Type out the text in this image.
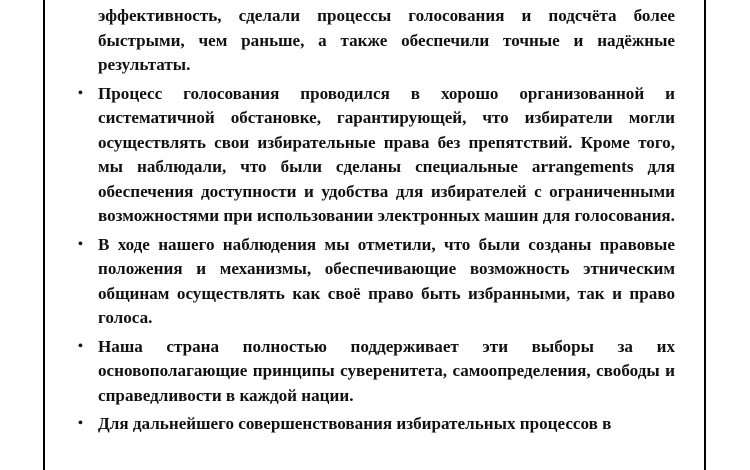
эффективность, сделали процессы голосования и подсчёта более быстрыми, чем раньше, а также обеспечили точные и надёжные результаты.
• Процесс голосования проводился в хорошо организованной и систематичной обстановке, гарантирующей, что избиратели могли осуществлять свои избирательные права без препятствий. Кроме того, мы наблюдали, что были сделаны специальные arrangements для обеспечения доступности и удобства для избирателей с ограниченными возможностями при использовании электронных машин для голосования.
• В ходе нашего наблюдения мы отметили, что были созданы правовые положения и механизмы, обеспечивающие возможность этническим общинам осуществлять как своё право быть избранными, так и право голоса.
• Наша страна полностью поддерживает эти выборы за их основополагающие принципы суверенитета, самоопределения, свободы и справедливости в каждой нации.
• Для дальнейшего совершенствования избирательных процессов в
